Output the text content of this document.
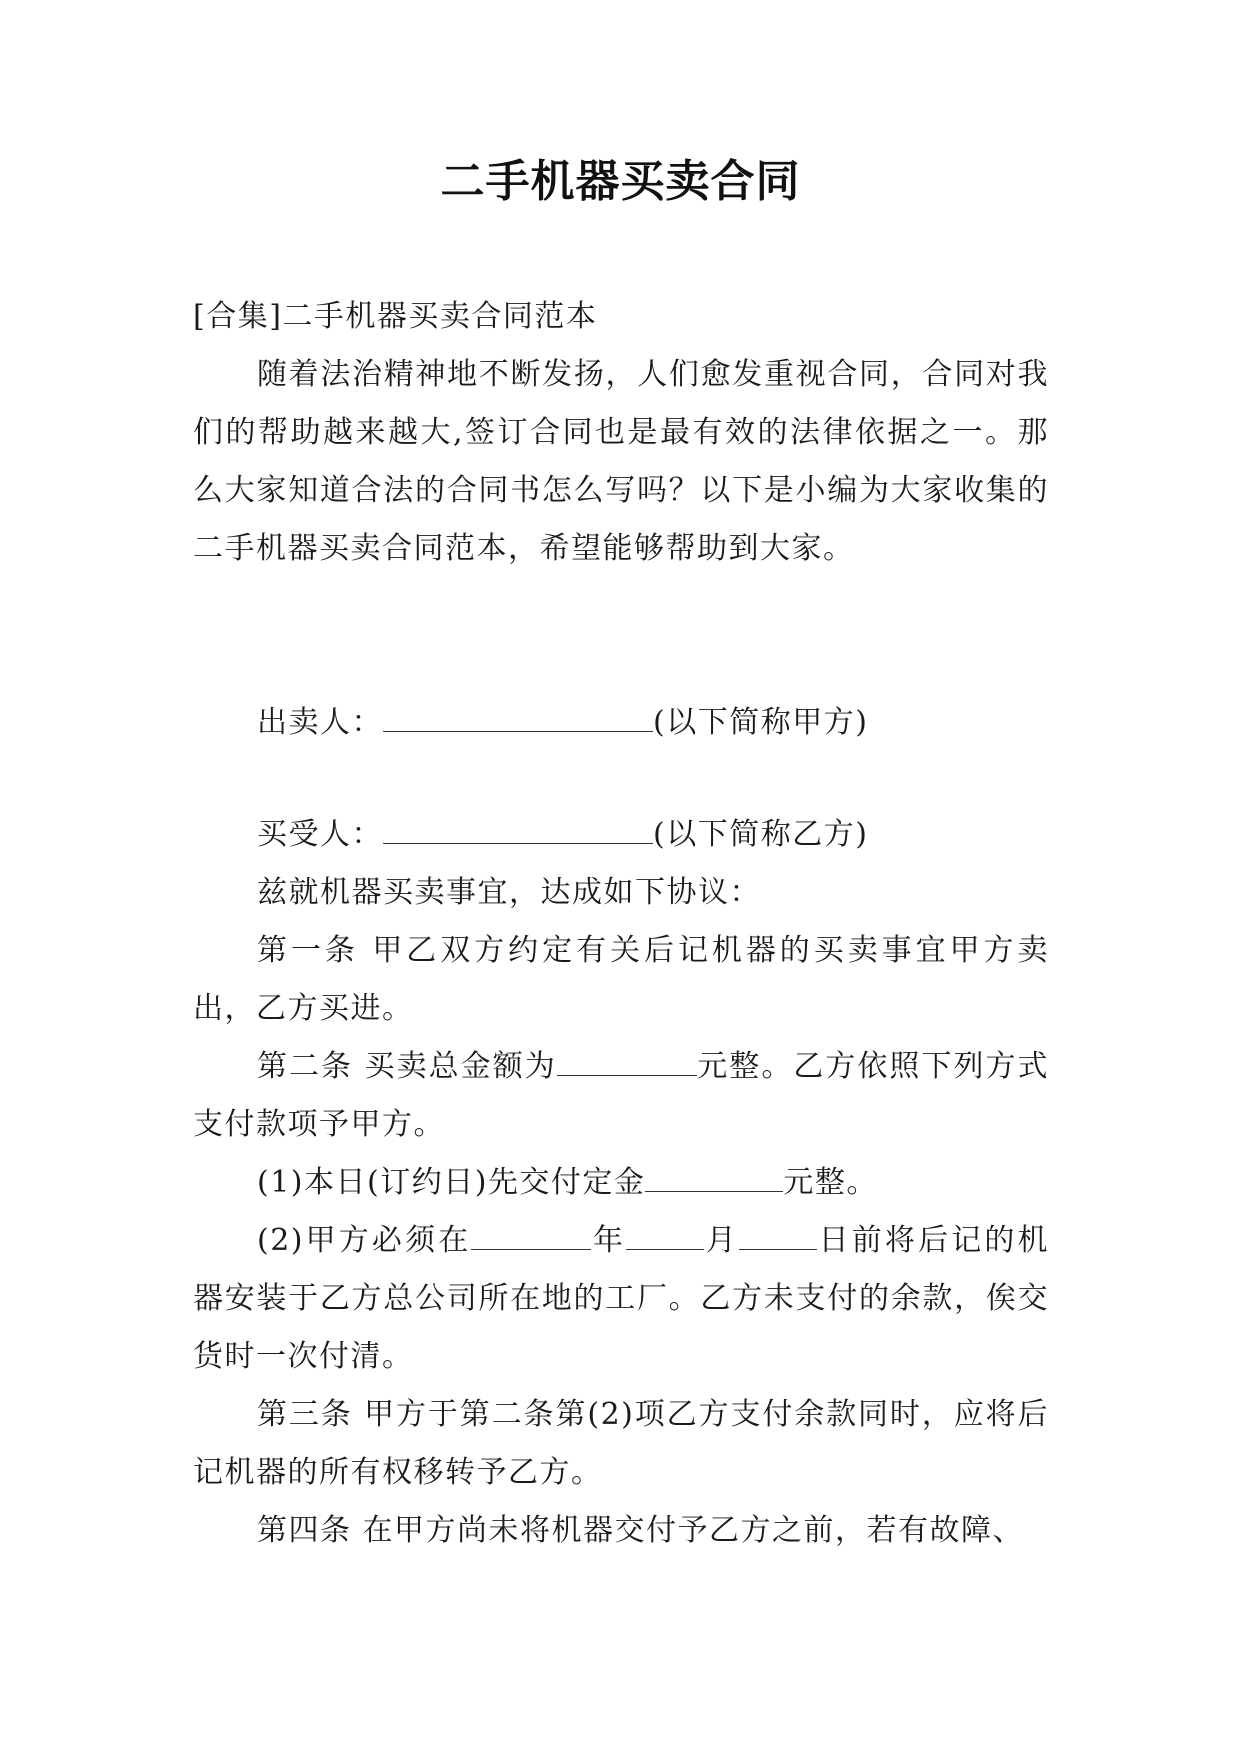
二手机器买卖合同

[合集]二手机器买卖合同范本

随着法治精神地不断发扬，人们愈发重视合同，合同对我们的帮助越来越大,签订合同也是最有效的法律依据之一。那么大家知道合法的合同书怎么写吗？以下是小编为大家收集的二手机器买卖合同范本，希望能够帮助到大家。

出卖人：	(以下简称甲方)

买受人：	(以下简称乙方)

兹就机器买卖事宜，达成如下协议：

第一条 甲乙双方约定有关后记机器的买卖事宜甲方卖出，乙方买进。

第二条 买卖总金额为	元整。乙方依照下列方式支付款项予甲方。

(1)本日(订约日)先交付定金	元整。

(2)甲方必须在	年	月	日前将后记的机器安装于乙方总公司所在地的工厂。乙方未支付的余款，俟交货时一次付清。

第三条 甲方于第二条第(2)项乙方支付余款同时，应将后记机器的所有权移转予乙方。

第四条 在甲方尚未将机器交付予乙方之前，若有故障、
